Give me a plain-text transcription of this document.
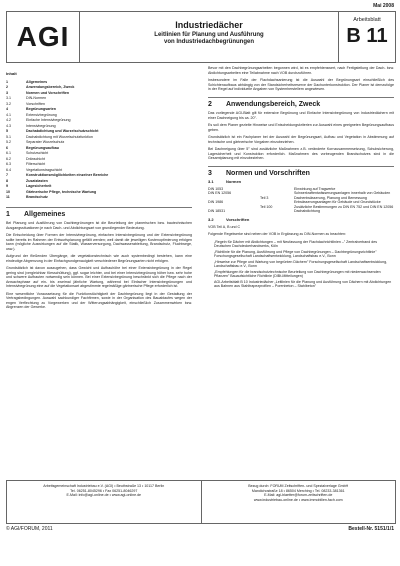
Mai 2008
AGI	Industriedächer
Leitlinien für Planung und Ausführung
von Industriedachbegrünungen
Arbeitsblatt
B 11
Inhalt
1	Allgemeines
2	Anwendungsbereich, Zweck
3	Normen und Vorschriften
3.1	DIN-Normen
3.2	Vorschriften
4	Begrünungsarten
4.1	Extensivbegrünung
4.2	Einfache Intensivbegrünung
4.3	Intensivbegrünung
5	Dachabdichtung und Wurzelschutzschicht
5.1	Dachabdichtung mit Wurzelschutzfunktion
5.2	Separater Wurzelschutz
6	Begrünungsaufbau
6.1	Schutzschicht
6.2	Dränschicht
6.3	Filterschicht
6.4	Vegetationstragschicht
7	Konstruktionsmögliichkeiten einzelner Bereiche
8	Zusatzlasten
9	Lagesicherheit
10	Gärtnerische Pflege, technische Wartung
11	Brandschutz
1	Allgemeines

Bei Planung und Ausführung von Dachbegrünungen ist die Beurteilung der planerischen bzw. bautechnischen Ausgangssituationen je nach Dach- und Abdichtungsart von grundlegender Bedeutung.

Die Entscheidung über Formen der Intensivbegrünung, einfachen Intensivbegrünung und der Extensivbegrünung sollte bereits im Rahmen der Entwurfsplanung gefällt werden; weil damit die jeweiligen Kostenoptimierung erfolgen kann (mögliche Auswirkungen auf die Statik, Wasserversorgung, Dachwasserableitung, Brandschutz, Fluchtwege, usw.).

Aufgrund der fließenden Übergänge, die vegetationstechnisch wie auch systembedingt bestehen, kann eine eindeutige Abgrenzung in der Einfachgrundgenauigkeit verschiedener Begrünungsarten nicht erfolgen.

Grundsätzlich ist davon auszugehen, dass Gewicht und Aufbauhöhe bei einer Extensivbegrünung in der Regel gering sind (vergleichbar Kiesschüttung), ggf. sogar leichter, und bei einer Intensivbegrünung höher bzw. sehr hohe und schwere Aufbauten notwendig sein können. Bei einer Extensivbegrünung beschränkt sich die Pflege nach der Anwachsphase auf ein- bis zweimal jährliche Wartung, während bei Einfacher Intensivbegrünungen und Intensivbegrünung eine auf die Vegetationsart abgestimmte regelmäßige gärtnerische Pflege erforderlich ist.

Eine wesentliche Voraussetzung für die Funktionstüchtigkeit der Dachbegrünung liegt in der Gestaltung der Vertragsbedingungen. Auswahl sachkundiger Fachfirmen, sowie in der Organisation des Bauablaufes wegen der engen Verflechtung zu Vorgewerken und der Witterungsabhängigkeit, einschließlich Zusammenwirken bzw. Abgrenzen der Gewerke.

Bevor mit den Dachbegrünungsarbeiten begonnen wird, ist es empfehlenswert, nach Fertigstellung der Dach- bzw. Abdichtungsarbeiten eine Teilabnahme nach VOB durchzuführen.

Insbesondere im Falle der Flachdachsanierung ist die Auswahl der Begrünungsart einschließlich des Schichtenaufbaus abhängig von der Standsicherheitsreserve der Dachunterkonstruktion. Der Planer ist demzufolge in der Regel auf individuelle Angaben von Systemherstellern angewiesen.

2	Anwendungsbereich, Zweck

Das vorliegende AGI-Blatt gilt für extensive Begrünung und Einfache Intensivbegrünung von Industriedächern mit einer Dachneigung bis ca. 20°.

Es soll dem Planer gezielte Hinweise und Entscheidungskriterien zur Auswahl eines geeigneten Begrünungsaufbaus geben.

Grundsätzlich ist ein Fachplaner bei der Auswahl der Begrünungsart, Aufbau und Vegetation in Abstimmung auf technische und gärtnerische Vorgaben einzubeziehen.

Bei Dachneigung über 5° sind zusätzliche Maßnahmen z.B. veränderte Kornzusammensetzung, Schubsicherung, Lagesicherheit und Konstruktion erforderlich. Maßnahmen des vorbeugenden Brandschutzes sind in die Gesamtplanung mit einzubeziehen.

3	Normen und Vorschriften
3.1	Normen
DIN 1053	Einwirkung auf Tragwerke
DIN EN 12056	Schwerkraftentwässerungsanlagen innerhalb von Gebäuden
Teil 3	Dachentwässerung, Planung und Bemessung
DIN 1986	Entwässerungsanlagen für Gebäude und Grundstücke
Teil 100	Zusätzliche Bestimmungen zu DIN EN 752 und DIN EN 12056
DIN 18531	Dachabdichtung
3.2	Vorschriften

VOB Teil A, B und C

Folgende Regelwerke sind neben der VOB in Ergänzung zu DIN-Normen zu beachten:

• „Regeln für Dächer mit Abdichtungen – mit Neufassung der Flachdachrichtlinien –" Zentralverband des Deutschen Dachdeckerhandwerks, Köln
• „Richtlinie für die Planung, Ausführung und Pflege von Dachbegrünungen – Dachbegrünungsrichtlinie" Forschungsgesellschaft Landschaftsentwicklung, Landschaftsbau e.V., Bonn
• „Hinweise zur Pflege und Wartung von begrünten Dächern" Forschungsgesellschaft Landschaftsentwicklung, Landschaftsbau e.V., Bonn
• „Empfehlungen für die brandschutztechnische Beurteilung von Dachbegrünungen mit niederwachsenden Pflanzen" Bauaufsichtliche Richtlinie (DIBt-Mitteilungen)
• AGI-Arbeitsblatt B 10 Industriedächer „Leitlinien für die Planung und Ausführung von Dächern mit Abdichtungen aus Bahnen aus Stahltrapezprofilen – Porenbeton – Stahlbeton"
Arbeitsgemeinschaft Industriebau e.V. (AGI) • Beuthstraße 13 • 10117 Berlin
Tel. 06251-8045296 • Fax 06251-8046297
E-Mail: info@agi-online.de • www.agi-online.de
Bezug durch: FORUM Zeitschriften- und Spezialverlage GmbH
Mandichostraße 18 • 86504 Merching • Tel. 08233-381361
E-Mail: agi-blaetter@forum-zeitschriften.de
www.industriebau-online.de • www.immobilien-fach.com
© AGI/FORUM, 2011	Bestell-Nr. 5151/1/1
